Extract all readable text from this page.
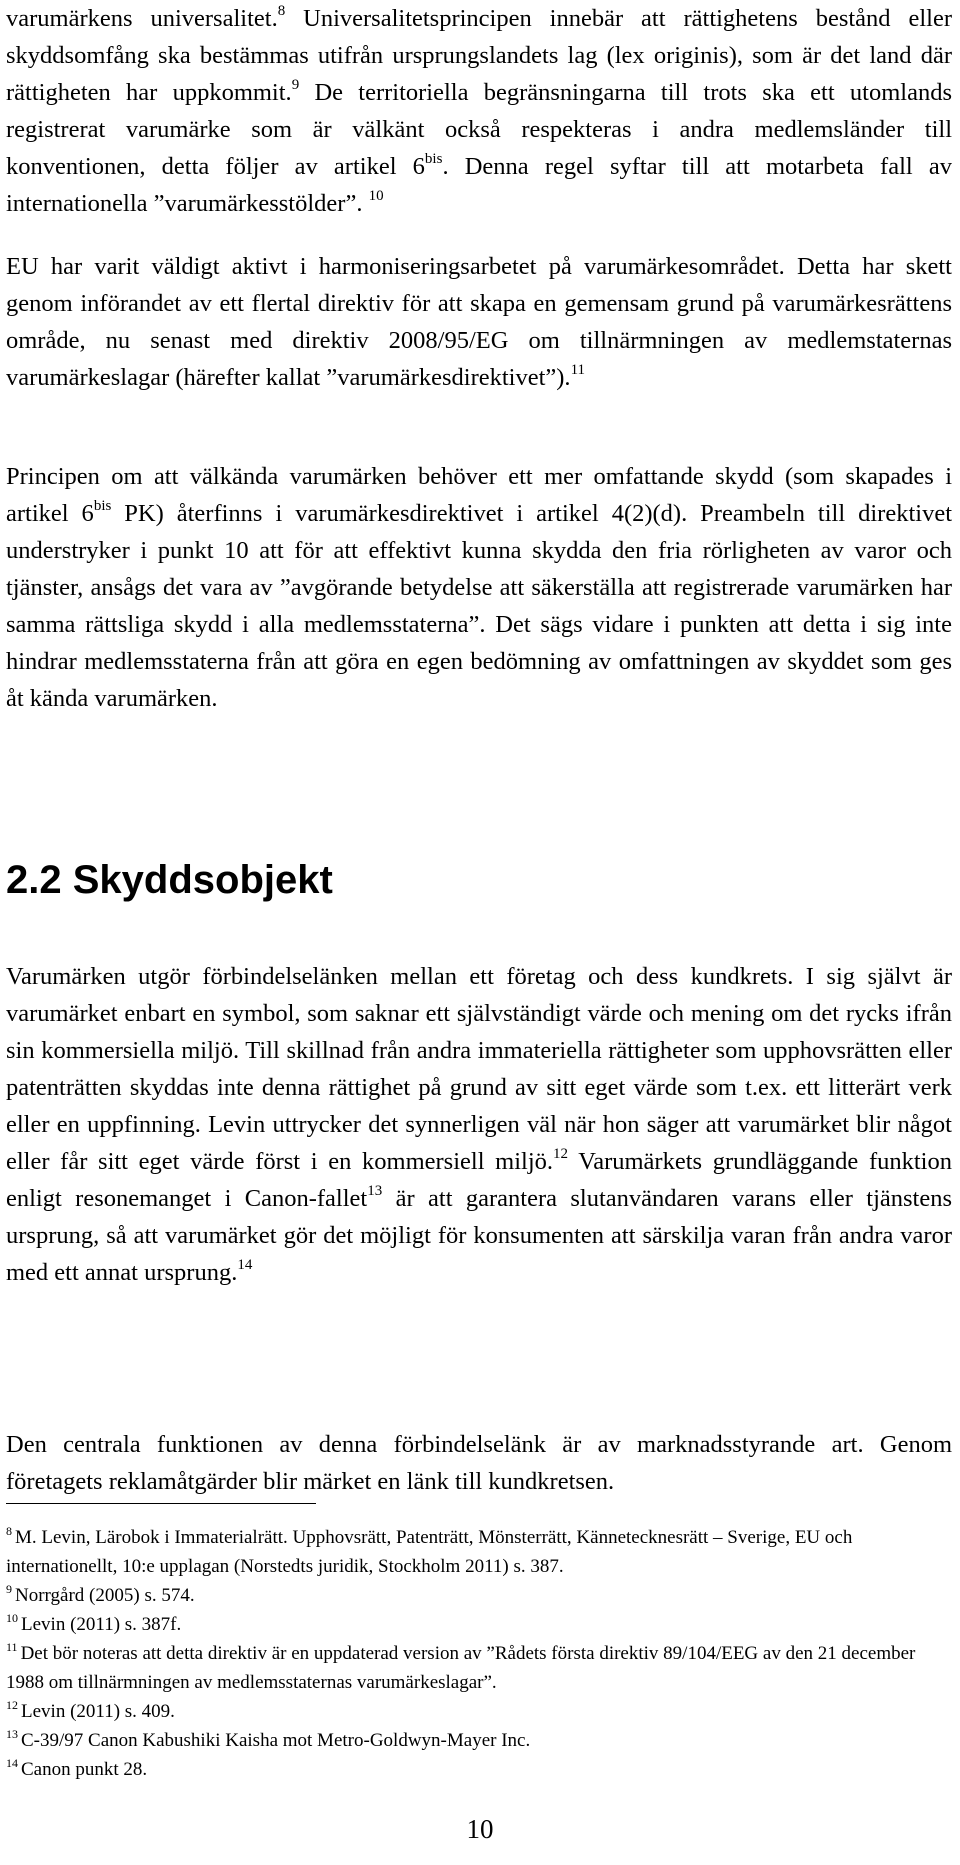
varumärkens universalitet.$^8$ Universalitetsprincipen innebär att rättighetens bestånd eller skyddsomfång ska bestämmas utifrån ursprungslandets lag (lex originis), som är det land där rättigheten har uppkommit.$^9$ De territoriella begränsningarna till trots ska ett utomlands registrerat varumärke som är välkänt också respekteras i andra medlemsländer till konventionen, detta följer av artikel $6^{bis}$. Denna regel syftar till att motarbeta fall av internationella ”varumärkesstölder”. $^{10}$

EU har varit väldigt aktivt i harmoniseringsarbetet på varumärkesområdet. Detta har skett genom införandet av ett flertal direktiv för att skapa en gemensam grund på varumärkesrättens område, nu senast med direktiv 2008/95/EG om tillnärmningen av medlemstaternas varumärkeslagar (härefter kallat ”varumärkesdirektivet”).$^{11}$

Principen om att välkända varumärken behöver ett mer omfattande skydd (som skapades i artikel $6^{bis}$ PK) återfinns i varumärkesdirektivet i artikel 4(2)(d). Preambeln till direktivet understryker i punkt 10 att för att effektivt kunna skydda den fria rörligheten av varor och tjänster, ansågs det vara av ”avgörande betydelse att säkerställa att registrerade varumärken har samma rättsliga skydd i alla medlemsstaterna”. Det sägs vidare i punkten att detta i sig inte hindrar medlemsstaterna från att göra en egen bedömning av omfattningen av skyddet som ges åt kända varumärken.

2.2 Skyddsobjekt

Varumärken utgör förbindelselänken mellan ett företag och dess kundkrets. I sig självt är varumärket enbart en symbol, som saknar ett självständigt värde och mening om det rycks ifrån sin kommersiella miljö. Till skillnad från andra immateriella rättigheter som upphovsrätten eller patenträtten skyddas inte denna rättighet på grund av sitt eget värde som t.ex. ett litterärt verk eller en uppfinning. Levin uttrycker det synnerligen väl när hon säger att varumärket blir något eller får sitt eget värde först i en kommersiell miljö.$^{12}$ Varumärkets grundläggande funktion enligt resonemanget i Canon-fallet$^{13}$ är att garantera slutanvändaren varans eller tjänstens ursprung, så att varumärket gör det möjligt för konsumenten att särskilja varan från andra varor med ett annat ursprung.$^{14}$

Den centrala funktionen av denna förbindelselänk är av marknadsstyrande art. Genom företagets reklamåtgärder blir märket en länk till kundkretsen.

$^8$ M. Levin, Lärobok i Immaterialrätt. Upphovsrätt, Patenträtt, Mönsterrätt, Kännetecknesrätt – Sverige, EU och internationellt, 10:e upplagan (Norstedts juridik, Stockholm 2011) s. 387.
$^9$ Norrgård (2005) s. 574.
$^{10}$ Levin (2011) s. 387f.
$^{11}$ Det bör noteras att detta direktiv är en uppdaterad version av ”Rådets första direktiv 89/104/EEG av den 21 december 1988 om tillnärmningen av medlemsstaternas varumärkeslagar”.
$^{12}$ Levin (2011) s. 409.
$^{13}$ C-39/97 Canon Kabushiki Kaisha mot Metro-Goldwyn-Mayer Inc.
$^{14}$ Canon punkt 28.
10
